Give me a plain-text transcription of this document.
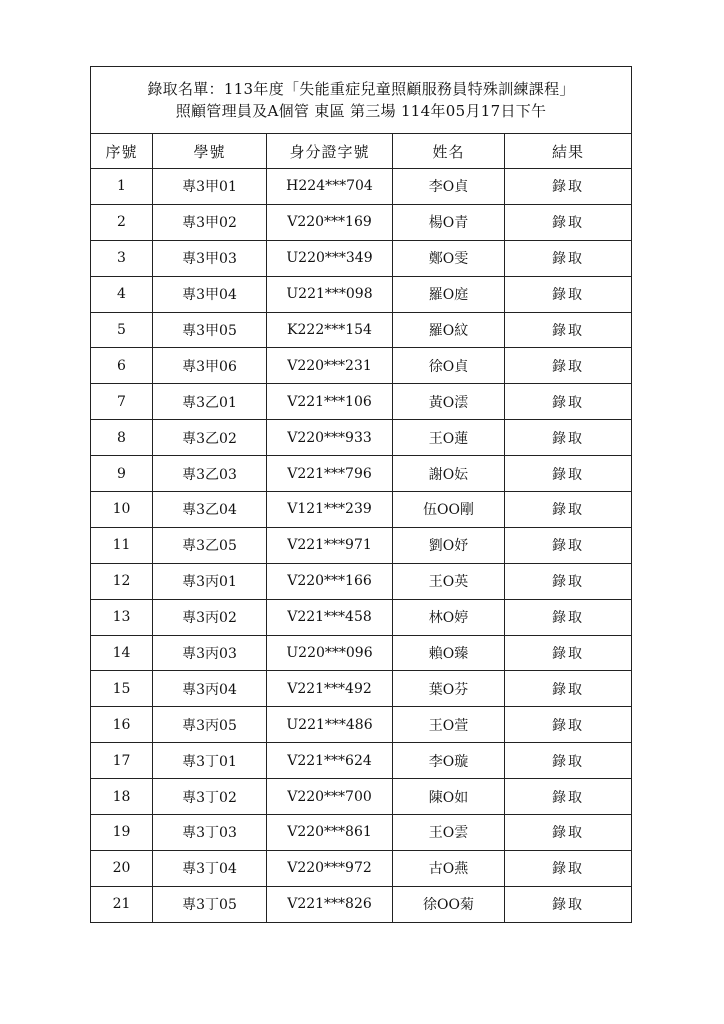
錄取名單：113年度「失能重症兒童照顧服務員特殊訓練課程」
照顧管理員及A個管 東區 第三場 114年05月17日下午				

序號	學號	身分證字號	姓名	結果
1	專3甲01	H224***704	李O貞	錄取
2	專3甲02	V220***169	楊O青	錄取
3	專3甲03	U220***349	鄭O雯	錄取
4	專3甲04	U221***098	羅O庭	錄取
5	專3甲05	K222***154	羅O紋	錄取
6	專3甲06	V220***231	徐O貞	錄取
7	專3乙01	V221***106	黃O澐	錄取
8	專3乙02	V220***933	王O蓮	錄取
9	專3乙03	V221***796	謝O妘	錄取
10	專3乙04	V121***239	伍OO剛	錄取
11	專3乙05	V221***971	劉O妤	錄取
12	專3丙01	V220***166	王O英	錄取
13	專3丙02	V221***458	林O婷	錄取
14	專3丙03	U220***096	賴O臻	錄取
15	專3丙04	V221***492	葉O芬	錄取
16	專3丙05	U221***486	王O萱	錄取
17	專3丁01	V221***624	李O璇	錄取
18	專3丁02	V220***700	陳O如	錄取
19	專3丁03	V220***861	王O雲	錄取
20	專3丁04	V220***972	古O燕	錄取
21	專3丁05	V221***826	徐OO菊	錄取
